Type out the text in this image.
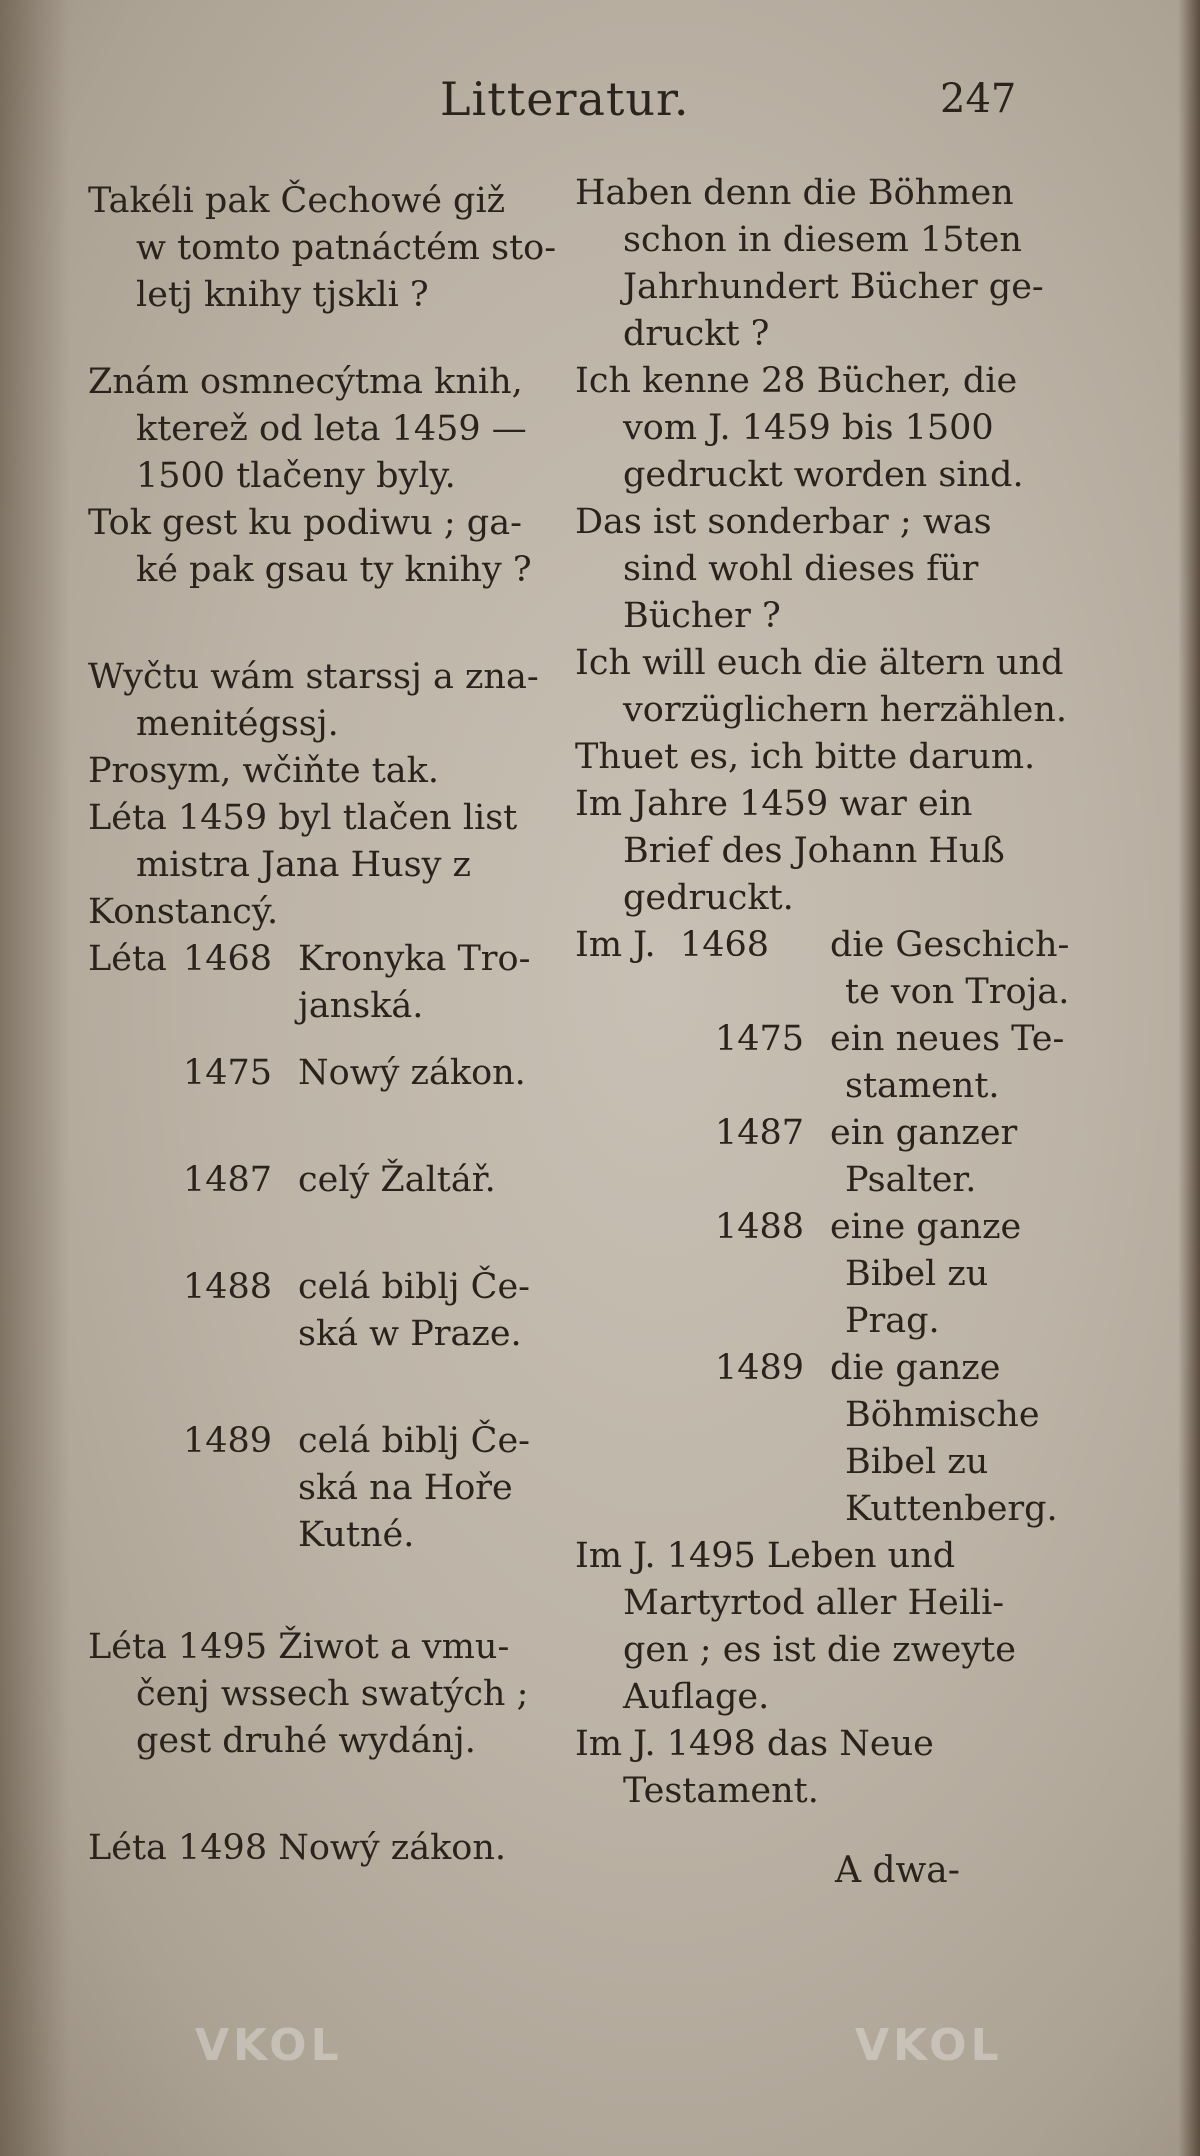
Litteratur.	247
Takéli pak Čechowé giž
w tomto patnáctém sto-
letj knihy tjskli ?
Znám osmnecýtma knih,
kterež od leta 1459 —
1500 tlačeny byly.
Tok gest ku podiwu ; ga-
ké pak gsau ty knihy ?
Wyčtu wám starssj a zna-
menitégssj.
Prosym, wčiňte tak.
Léta 1459 byl tlačen list
mistra Jana Husy z
Konstancý.
Léta 1468 Kronyka Tro-
janská.
1475 Nowý zákon.
1487 celý Žaltář.
1488 celá biblj Če-
ská w Praze.
1489 celá biblj Če-
ská na Hoře
Kutné.
Léta 1495 Žiwot a vmu-
čenj wssech swatých ;
gest druhé wydánj.
Léta 1498 Nowý zákon.
Haben denn die Böhmen
schon in diesem 15ten
Jahrhundert Bücher ge-
druckt ?
Ich kenne 28 Bücher, die
vom J. 1459 bis 1500
gedruckt worden sind.
Das ist sonderbar ; was
sind wohl dieses für
Bücher ?
Ich will euch die ältern und
vorzüglichern herzählen.
Thuet es, ich bitte darum.
Im Jahre 1459 war ein
Brief des Johann Huß
gedruckt.
Im J. 1468 die Geschich-
te von Troja.
1475 ein neues Te-
stament.
1487 ein ganzer
Psalter.
1488 eine ganze
Bibel zu
Prag.
1489 die ganze
Böhmische
Bibel zu
Kuttenberg.
Im J. 1495 Leben und
Martyrtod aller Heili-
gen ; es ist die zweyte
Auflage.
Im J. 1498 das Neue
Testament.
A dwa-
VKOL	VKOL
